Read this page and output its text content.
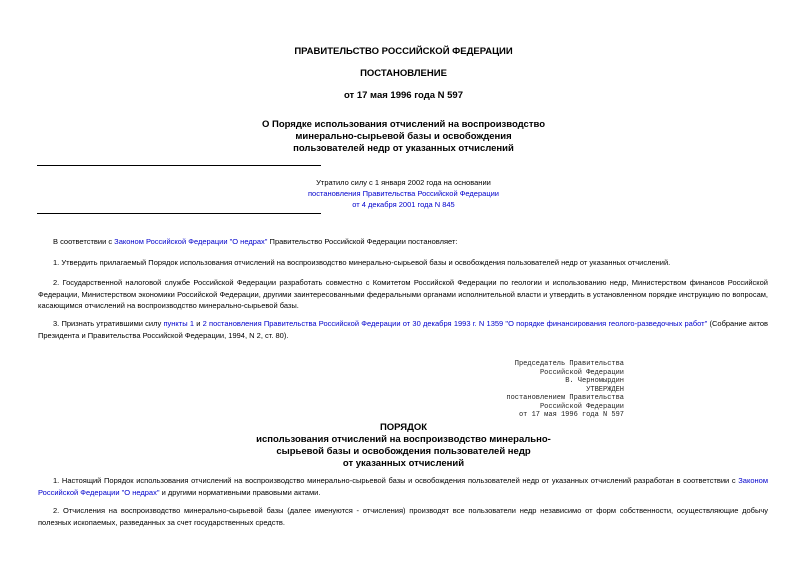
ПРАВИТЕЛЬСТВО РОССИЙСКОЙ ФЕДЕРАЦИИ
ПОСТАНОВЛЕНИЕ
от 17 мая 1996 года N 597
О Порядке использования отчислений на воспроизводство
минерально-сырьевой базы и освобождения
пользователей недр от указанных отчислений
Утратило силу с 1 января 2002 года на основании
постановления Правительства Российской Федерации
от 4 декабря 2001 года N 845
В соответствии с Законом Российской Федерации "О недрах" Правительство Российской Федерации постановляет:
1. Утвердить прилагаемый Порядок использования отчислений на воспроизводство минерально-сырьевой базы и освобождения пользователей недр от указанных отчислений.
2. Государственной налоговой службе Российской Федерации разработать совместно с Комитетом Российской Федерации по геологии и использованию недр, Министерством финансов Российской Федерации, Министерством экономики Российской Федерации, другими заинтересованными федеральными органами исполнительной власти и утвердить в установленном порядке инструкцию по вопросам, касающимся отчислений на воспроизводство минерально-сырьевой базы.
3. Признать утратившими силу пункты 1 и 2 постановления Правительства Российской Федерации от 30 декабря 1993 г. N 1359 "О порядке финансирования геолого-разведочных работ" (Собрание актов Президента и Правительства Российской Федерации, 1994, N 2, ст. 80).
Председатель Правительства
Российской Федерации
В. Черномырдин
УТВЕРЖДЕН
постановлением Правительства
Российской Федерации
от 17 мая 1996 года N 597
ПОРЯДОК
использования отчислений на воспроизводство минерально-
сырьевой базы и освобождения пользователей недр
от указанных отчислений
1. Настоящий Порядок использования отчислений на воспроизводство минерально-сырьевой базы и освобождения пользователей недр от указанных отчислений разработан в соответствии с Законом Российской Федерации "О недрах" и другими нормативными правовыми актами.
2. Отчисления на воспроизводство минерально-сырьевой базы (далее именуются - отчисления) производят все пользователи недр независимо от форм собственности, осуществляющие добычу полезных ископаемых, разведанных за счет государственных средств.
